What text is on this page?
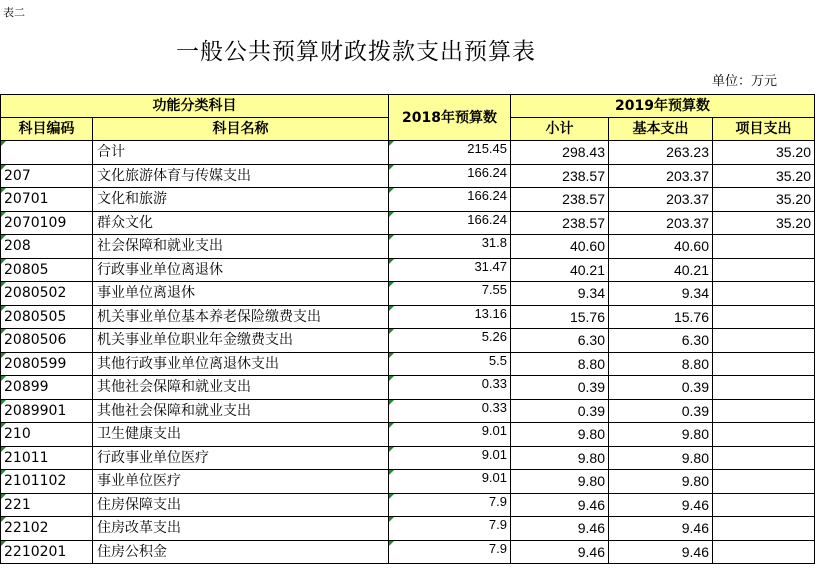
表二
一般公共预算财政拨款支出预算表
单位：万元
功能分类科目		2018年预算数	2019年预算数		
科目编码	科目名称		小计	基本支出	项目支出

	合计	215.45	298.43	263.23	35.20
207	文化旅游体育与传媒支出	166.24	238.57	203.37	35.20
20701	文化和旅游	166.24	238.57	203.37	35.20
2070109	群众文化	166.24	238.57	203.37	35.20
208	社会保障和就业支出	31.8	40.60	40.60	
20805	行政事业单位离退休	31.47	40.21	40.21	
2080502	事业单位离退休	7.55	9.34	9.34	
2080505	机关事业单位基本养老保险缴费支出	13.16	15.76	15.76	
2080506	机关事业单位职业年金缴费支出	5.26	6.30	6.30	
2080599	其他行政事业单位离退休支出	5.5	8.80	8.80	
20899	其他社会保障和就业支出	0.33	0.39	0.39	
2089901	其他社会保障和就业支出	0.33	0.39	0.39	
210	卫生健康支出	9.01	9.80	9.80	
21011	行政事业单位医疗	9.01	9.80	9.80	
2101102	事业单位医疗	9.01	9.80	9.80	
221	住房保障支出	7.9	9.46	9.46	
22102	住房改革支出	7.9	9.46	9.46	
2210201	住房公积金	7.9	9.46	9.46	
